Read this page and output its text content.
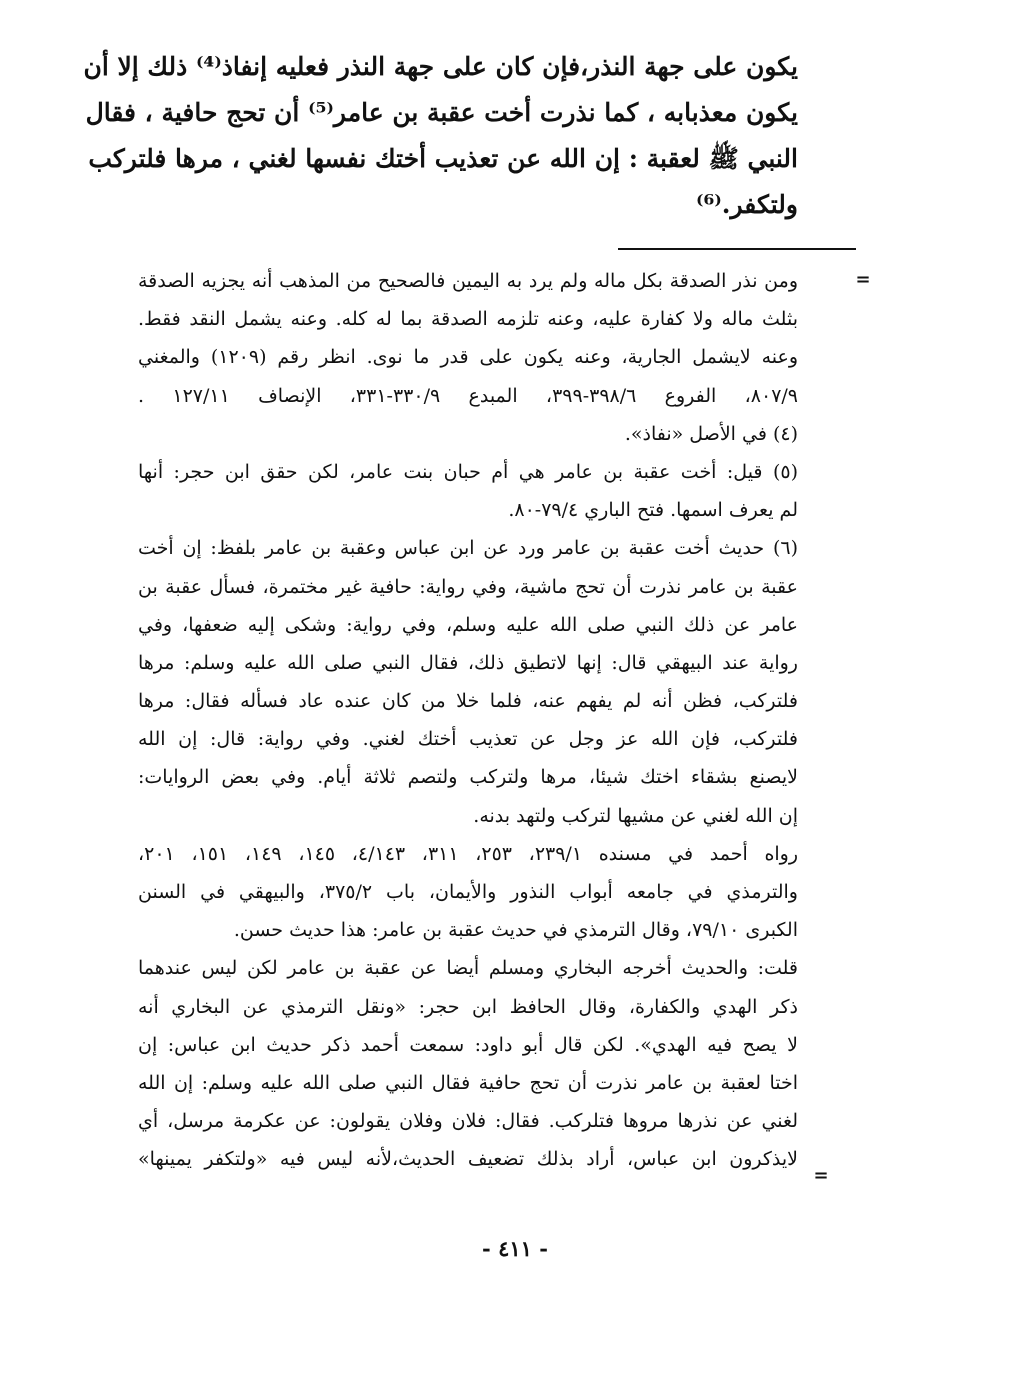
يكون على جهة النذر،فإن كان على جهة النذر فعليه إنفاذ⁽⁴⁾ ذلك إلا أن
يكون معذبابه ، كما نذرت أخت عقبة بن عامر⁽⁵⁾ أن تحج حافية ، فقال
النبي ﷺ لعقبة : إن الله عن تعذيب أختك نفسها لغني ، مرها فلتركب
ولتكفر.⁽⁶⁾
=
ومن نذر الصدقة بكل ماله ولم يرد به اليمين فالصحيح من المذهب أنه يجزيه الصدقة
بثلث ماله ولا كفارة عليه، وعنه تلزمه الصدقة بما له كله. وعنه يشمل النقد فقط.
وعنه لايشمل الجارية، وعنه يكون على قدر ما نوى. انظر رقم (١٢٠٩) والمغني
٨٠٧/٩، الفروع ٣٩٨/٦-٣٩٩، المبدع ٣٣٠/٩-٣٣١، الإنصاف ١٢٧/١١ .
(٤) في الأصل «نفاذ».
(٥) قيل: أخت عقبة بن عامر هي أم حبان بنت عامر، لكن حقق ابن حجر: أنها
لم يعرف اسمها. فتح الباري ٧٩/٤-٨٠.
(٦) حديث أخت عقبة بن عامر ورد عن ابن عباس وعقبة بن عامر بلفظ: إن أخت
عقبة بن عامر نذرت أن تحج ماشية، وفي رواية: حافية غير مختمرة، فسأل عقبة بن
عامر عن ذلك النبي صلى الله عليه وسلم، وفي رواية: وشكى إليه ضعفها، وفي
رواية عند البيهقي قال: إنها لاتطيق ذلك، فقال النبي صلى الله عليه وسلم: مرها
فلتركب، فظن أنه لم يفهم عنه، فلما خلا من كان عنده عاد فسأله فقال: مرها
فلتركب، فإن الله عز وجل عن تعذيب أختك لغني. وفي رواية: قال: إن الله
لايصنع بشقاء اختك شيئا، مرها ولتركب ولتصم ثلاثة أيام. وفي بعض الروايات:
إن الله لغني عن مشيها لتركب ولتهد بدنه.
رواه أحمد في مسنده ٢٣٩/١، ٢٥٣، ٣١١، ٤/١٤٣، ١٤٥، ١٤٩، ١٥١، ٢٠١،
والترمذي في جامعه أبواب النذور والأيمان، باب ٣٧٥/٢، والبيهقي في السنن
الكبرى ٧٩/١٠، وقال الترمذي في حديث عقبة بن عامر: هذا حديث حسن.
قلت: والحديث أخرجه البخاري ومسلم أيضا عن عقبة بن عامر لكن ليس عندهما
ذكر الهدي والكفارة، وقال الحافظ ابن حجر: «ونقل الترمذي عن البخاري أنه
لا يصح فيه الهدي». لكن قال أبو داود: سمعت أحمد ذكر حديث ابن عباس: إن
اختا لعقبة بن عامر نذرت أن تحج حافية فقال النبي صلى الله عليه وسلم: إن الله
لغني عن نذرها مروها فتلركب. فقال: فلان وفلان يقولون: عن عكرمة مرسل، أي
لايذكرون ابن عباس، أراد بذلك تضعيف الحديث،لأنه ليس فيه «ولتكفر يمينها»
=
- ٤١١ -
